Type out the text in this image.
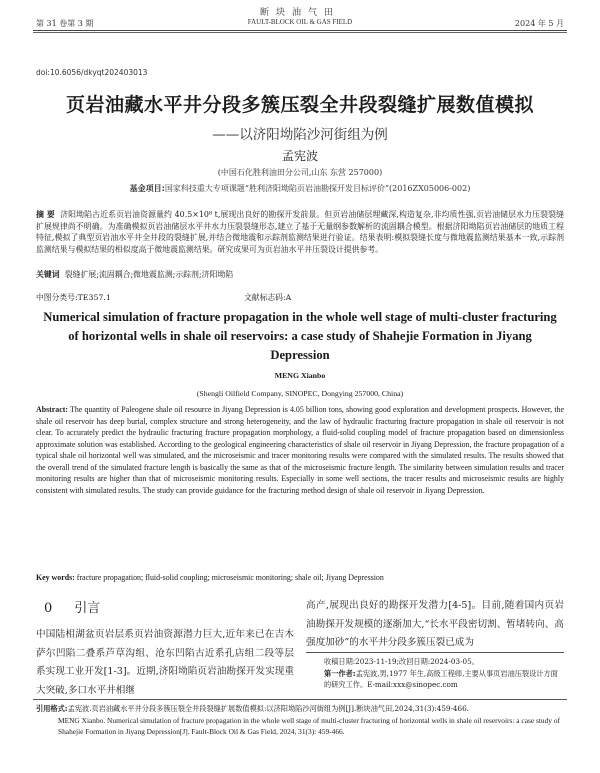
断块油气田
第 31 卷第 3 期	FAULT-BLOCK OIL & GAS FIELD	2024 年 5 月
doi:10.6056/dkyqt202403013
页岩油藏水平井分段多簇压裂全井段裂缝扩展数值模拟
——以济阳坳陷沙河街组为例
孟宪波
(中国石化胜利油田分公司,山东 东营 257000)
基金项目:国家科技重大专项课题“胜利济阳坳陷页岩油勘探开发目标评价”(2016ZX05006-002)
摘 要 济阳坳陷古近系页岩油资源量约 40.5×10⁸ t,展现出良好的勘探开发前景。但页岩油储层埋藏深,构造复杂,非均质性强,页岩油储层水力压裂裂缝扩展规律尚不明确。为准确模拟页岩油储层水平井水力压裂裂缝形态,建立了基于无量纲参数解析的流固耦合模型。根据济阳坳陷页岩油储层的地质工程特征,模拟了典型页岩油水平井全井段的裂缝扩展,并结合微地震和示踪剂监测结果进行验证。结果表明:模拟裂缝长度与微地震监测结果基本一致,示踪剂监测结果与模拟结果的相似度高于微地震监测结果。研究成果可为页岩油水平井压裂设计提供参考。
关键词 裂缝扩展;流固耦合;微地震监测;示踪剂;济阳坳陷
中图分类号:TE357.1	文献标志码:A
Numerical simulation of fracture propagation in the whole well stage of multi-cluster fracturing of horizontal wells in shale oil reservoirs: a case study of Shahejie Formation in Jiyang Depression
MENG Xianbo
(Shengli Oilfield Company, SINOPEC, Dongying 257000, China)
Abstract: The quantity of Paleogene shale oil resource in Jiyang Depression is 4.05 billion tons, showing good exploration and development prospects. However, the shale oil reservoir has deep burial, complex structure and strong heterogeneity, and the law of hydraulic fracturing fracture propagation in shale oil reservoir is not clear. To accurately predict the hydraulic fracturing fracture propagation morphology, a fluid-solid coupling model of fracture propagation based on dimensionless approximate solution was established. According to the geological engineering characteristics of shale oil reservoir in Jiyang Depression, the fracture propagation of a typical shale oil horizontal well was simulated, and the microseismic and tracer monitoring results were compared with the simulated results. The results showed that the overall trend of the simulated fracture length is basically the same as that of the microseismic fracture length. The similarity between simulation results and tracer monitoring results are higher than that of microseismic monitoring results. Especially in some well sections, the tracer results and microseismic results are highly consistent with simulated results. The study can provide guidance for the fracturing method design of shale oil reservoir in Jiyang Depression.
Key words: fracture propagation; fluid-solid coupling; microseismic monitoring; shale oil; Jiyang Depression
0 引言
中国陆相湖盆页岩层系页岩油资源潜力巨大,近年来已在吉木萨尔凹陷二叠系芦草沟组、沧东凹陷古近系孔店组二段等层系实现工业开发[1-3]。近期,济阳坳陷页岩油勘探开发实现重大突破,多口水平井相继
高产,展现出良好的勘探开发潜力[4-5]。目前,随着国内页岩油勘探开发规模的逐渐加大,“长水平段密切割、暂堵转向、高强度加砂”的水平井分段多簇压裂已成为
收稿日期:2023-11-19;改回日期:2024-03-05。
第一作者:孟宪波,男,1977 年生,高级工程师,主要从事页岩油压裂设计方面的研究工作。E-mail:xxx@sinopec.com
引用格式:孟宪波.页岩油藏水平井分段多簇压裂全井段裂缝扩展数值模拟:以济阳坳陷沙河街组为例[J].断块油气田,2024,31(3):459-466.
MENG Xianbo. Numerical simulation of fracture propagation in the whole well stage of multi-cluster fracturing of horizontal wells in shale oil reservoirs: a case study of Shahejie Formation in Jiyang Depression[J]. Fault-Block Oil & Gas Field, 2024, 31(3): 459-466.
